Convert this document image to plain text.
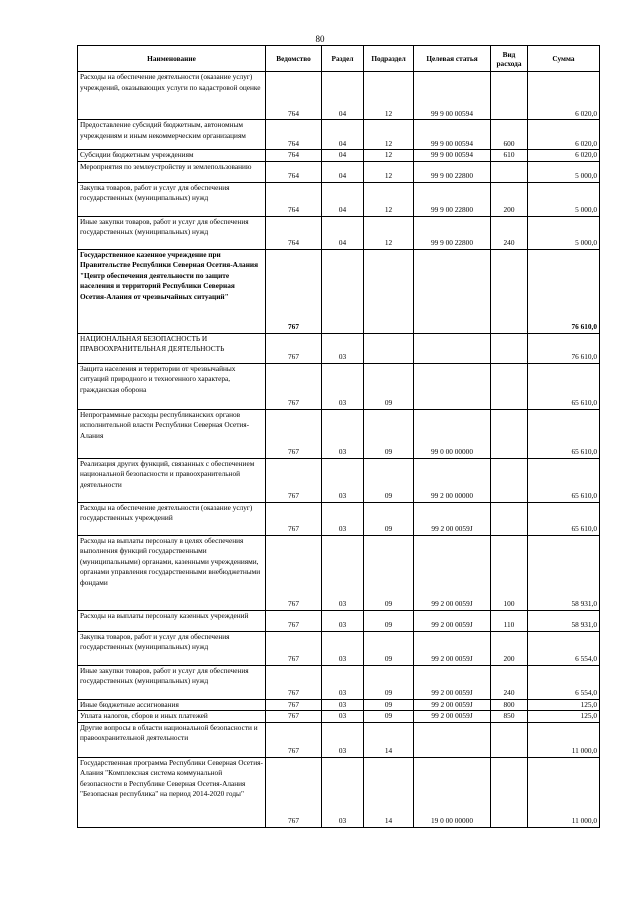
80
Наименование	Ведомство	Раздел	Подраздел	Целевая статья	Вид расхода	Сумма
Расходы на обеспечение деятельности (оказание услуг) учреждений, оказывающих услуги по кадастровой оценке	764	04	12	99 9 00 00594		6 020,0
Предоставление субсидий бюджетным, автономным учреждениям и иным некоммерческим организациям	764	04	12	99 9 00 00594	600	6 020,0
Субсидии бюджетным учреждениям	764	04	12	99 9 00 00594	610	6 020,0
Мероприятия по землеустройству и землепользованию	764	04	12	99 9 00 22800		5 000,0
Закупка товаров, работ и услуг для обеспечения государственных (муниципальных) нужд	764	04	12	99 9 00 22800	200	5 000,0
Иные закупки товаров, работ и услуг для обеспечения государственных (муниципальных) нужд	764	04	12	99 9 00 22800	240	5 000,0
Государственное казенное учреждение при Правительстве Республики Северная Осетия-Алания "Центр обеспечения деятельности по защите населения и территорий Республики Северная Осетия-Алания от чрезвычайных ситуаций"	767					76 610,0
НАЦИОНАЛЬНАЯ БЕЗОПАСНОСТЬ И ПРАВООХРАНИТЕЛЬНАЯ ДЕЯТЕЛЬНОСТЬ	767	03				76 610,0
Защита населения и территории от чрезвычайных ситуаций природного и техногенного характера, гражданская оборона	767	03	09			65 610,0
Непрограммные расходы республиканских органов исполнительной власти Республики Северная Осетия-Алания	767	03	09	99 0 00 00000		65 610,0
Реализация других функций, связанных с обеспечением национальной безопасности и правоохранительной деятельности	767	03	09	99 2 00 00000		65 610,0
Расходы на обеспечение деятельности (оказание услуг) государственных учреждений	767	03	09	99 2 00 0059J		65 610,0
Расходы на выплаты персоналу в целях обеспечения выполнения функций государственными (муниципальными) органами, казенными учреждениями, органами управления государственными внебюджетными фондами	767	03	09	99 2 00 0059J	100	58 931,0
Расходы на выплаты персоналу казенных учреждений	767	03	09	99 2 00 0059J	110	58 931,0
Закупка товаров, работ и услуг для обеспечения государственных (муниципальных) нужд	767	03	09	99 2 00 0059J	200	6 554,0
Иные закупки товаров, работ и услуг для обеспечения государственных (муниципальных) нужд	767	03	09	99 2 00 0059J	240	6 554,0
Иные бюджетные ассигнования	767	03	09	99 2 00 0059J	800	125,0
Уплата налогов, сборов и иных платежей	767	03	09	99 2 00 0059J	850	125,0
Другие вопросы в области национальной безопасности и правоохранительной деятельности	767	03	14			11 000,0
Государственная программа Республики Северная Осетия-Алания "Комплексная система коммунальной безопасности в Республике Северная Осетия-Алания "Безопасная республика" на период 2014-2020 годы"	767	03	14	19 0 00 00000		11 000,0
